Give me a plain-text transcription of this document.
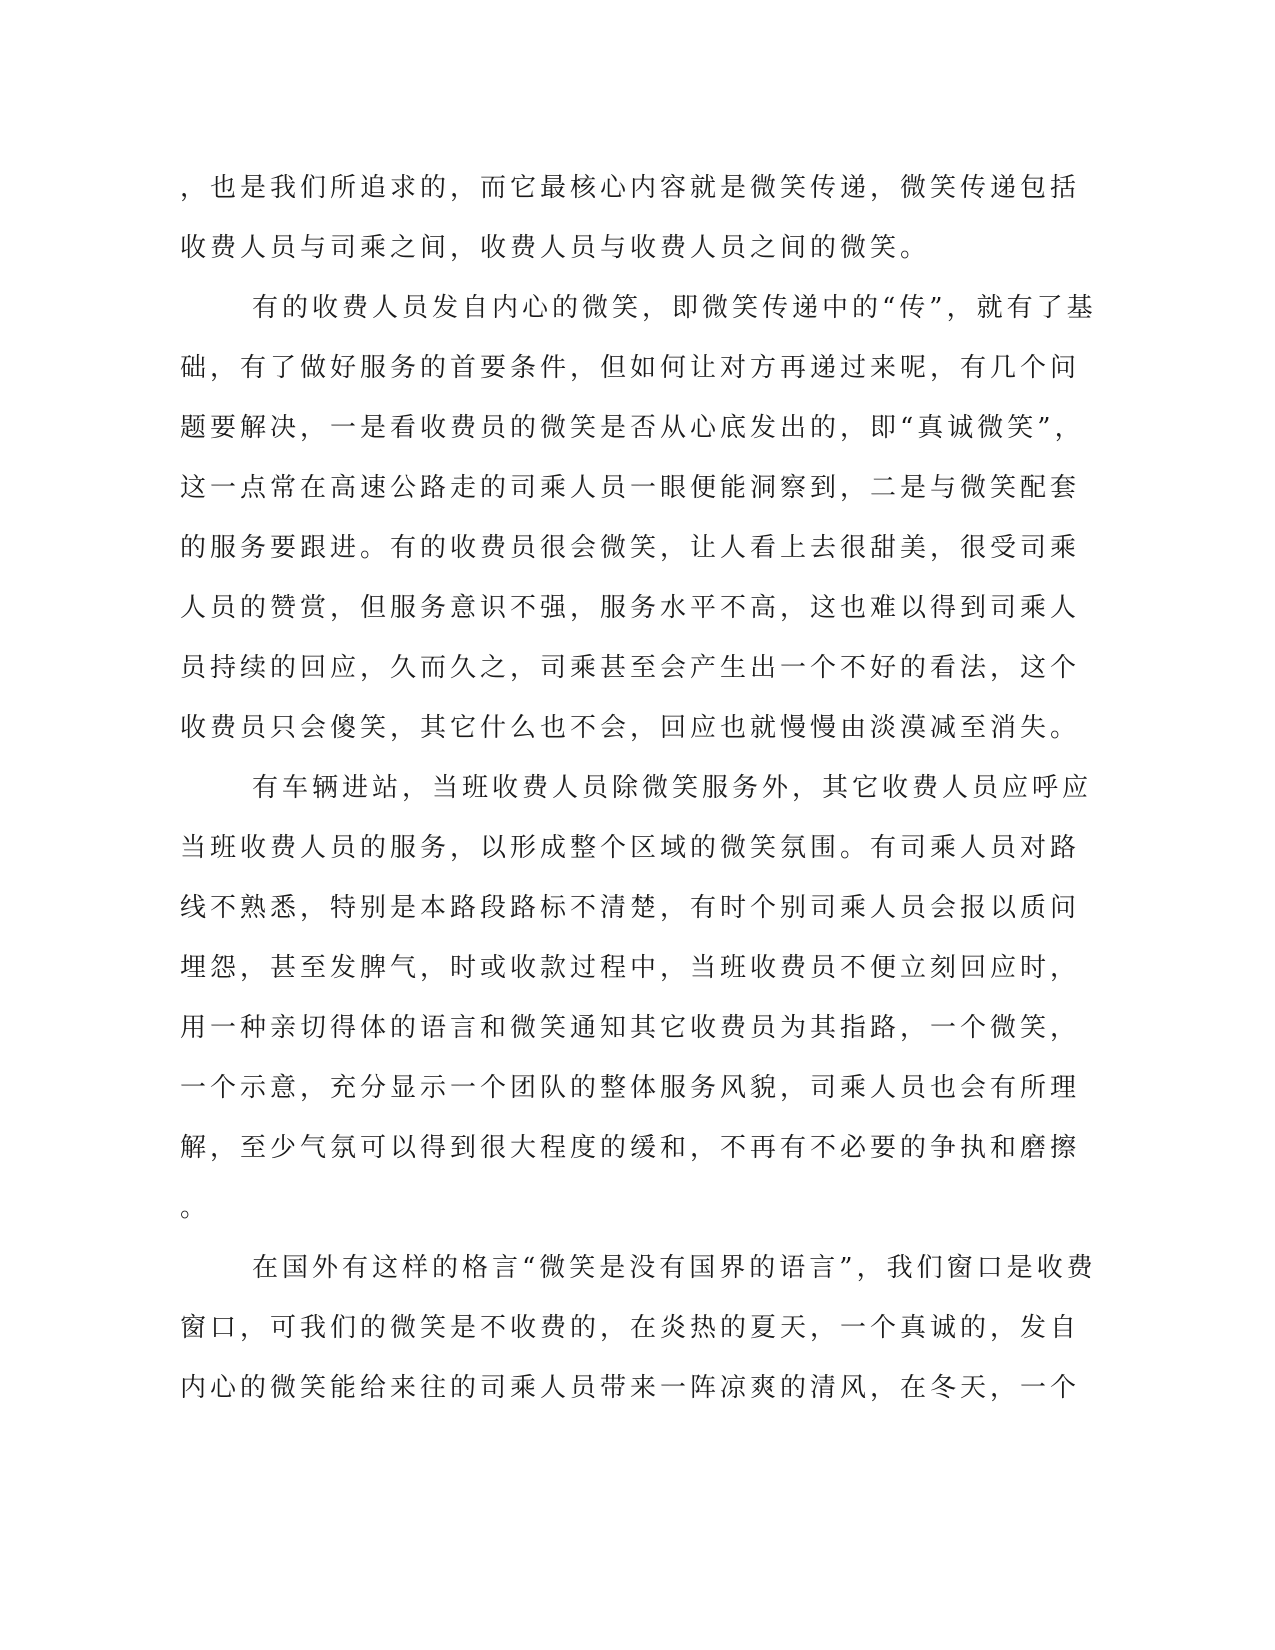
，也是我们所追求的，而它最核心内容就是微笑传递，微笑传递包括
收费人员与司乘之间，收费人员与收费人员之间的微笑。
有的收费人员发自内心的微笑，即微笑传递中的“传”，就有了基
础，有了做好服务的首要条件，但如何让对方再递过来呢，有几个问
题要解决，一是看收费员的微笑是否从心底发出的，即“真诚微笑”，
这一点常在高速公路走的司乘人员一眼便能洞察到，二是与微笑配套
的服务要跟进。有的收费员很会微笑，让人看上去很甜美，很受司乘
人员的赞赏，但服务意识不强，服务水平不高，这也难以得到司乘人
员持续的回应，久而久之，司乘甚至会产生出一个不好的看法，这个
收费员只会傻笑，其它什么也不会，回应也就慢慢由淡漠减至消失。
有车辆进站，当班收费人员除微笑服务外，其它收费人员应呼应
当班收费人员的服务，以形成整个区域的微笑氛围。有司乘人员对路
线不熟悉，特别是本路段路标不清楚，有时个别司乘人员会报以质问
埋怨，甚至发脾气，时或收款过程中，当班收费员不便立刻回应时，
用一种亲切得体的语言和微笑通知其它收费员为其指路，一个微笑，
一个示意，充分显示一个团队的整体服务风貌，司乘人员也会有所理
解，至少气氛可以得到很大程度的缓和，不再有不必要的争执和磨擦
。
在国外有这样的格言“微笑是没有国界的语言”，我们窗口是收费
窗口，可我们的微笑是不收费的，在炎热的夏天，一个真诚的，发自
内心的微笑能给来往的司乘人员带来一阵凉爽的清风，在冬天，一个
